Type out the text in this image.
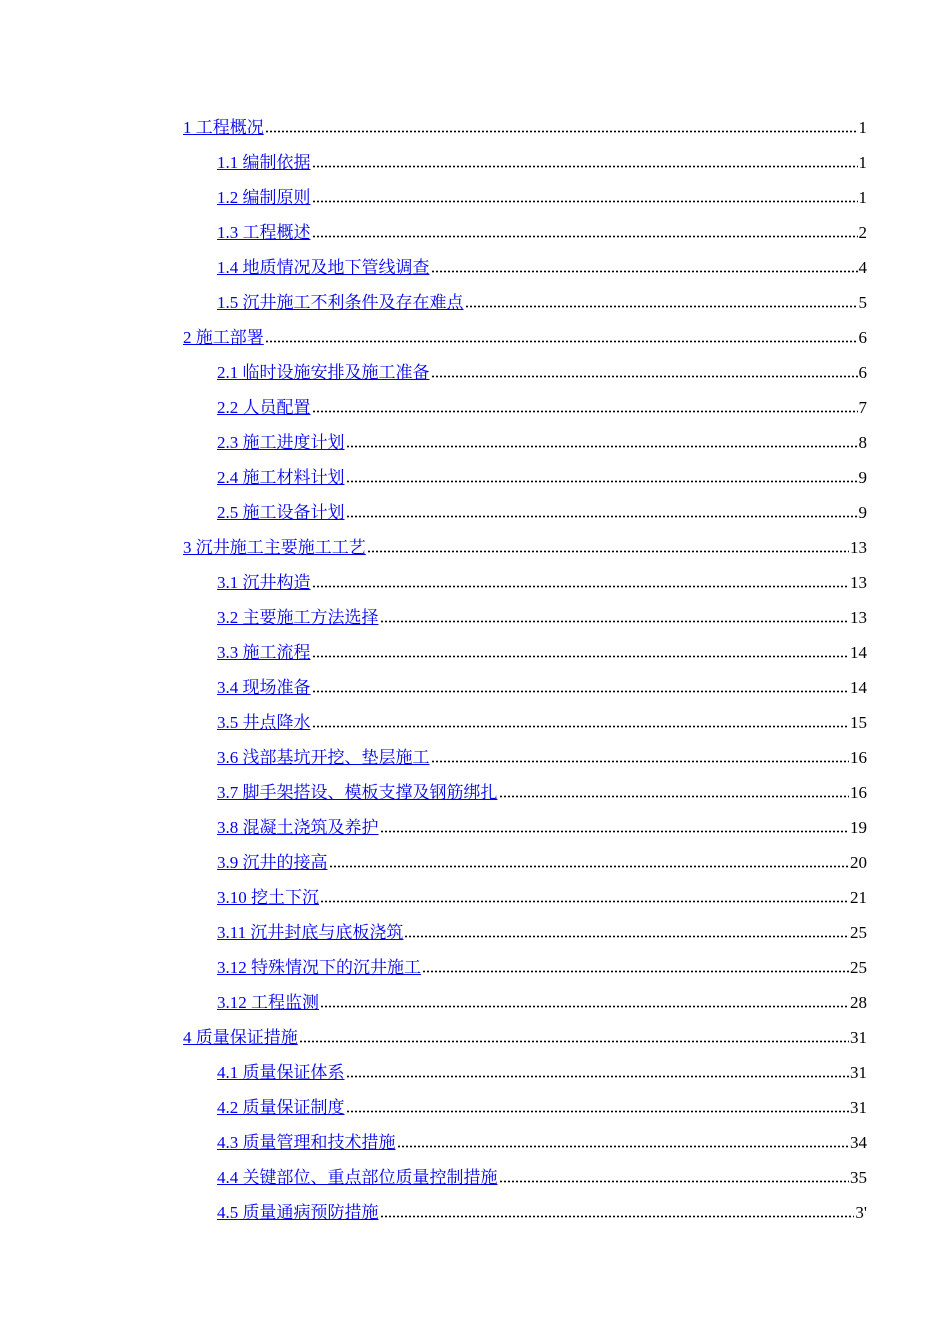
1 工程概况	1
1.1 编制依据	1
1.2 编制原则	1
1.3 工程概述	2
1.4 地质情况及地下管线调查	4
1.5 沉井施工不利条件及存在难点	5
2 施工部署	6
2.1 临时设施安排及施工准备	6
2.2 人员配置	7
2.3 施工进度计划	8
2.4 施工材料计划	9
2.5 施工设备计划	9
3 沉井施工主要施工工艺	13
3.1 沉井构造	13
3.2 主要施工方法选择	13
3.3 施工流程	14
3.4 现场准备	14
3.5 井点降水	15
3.6 浅部基坑开挖、垫层施工	16
3.7 脚手架搭设、模板支撑及钢筋绑扎	16
3.8 混凝土浇筑及养护	19
3.9 沉井的接高	20
3.10 挖土下沉	21
3.11 沉井封底与底板浇筑	25
3.12 特殊情况下的沉井施工	25
3.12 工程监测	28
4 质量保证措施	31
4.1 质量保证体系	31
4.2 质量保证制度	31
4.3 质量管理和技术措施	34
4.4 关键部位、重点部位质量控制措施	35
4.5 质量通病预防措施	3'
